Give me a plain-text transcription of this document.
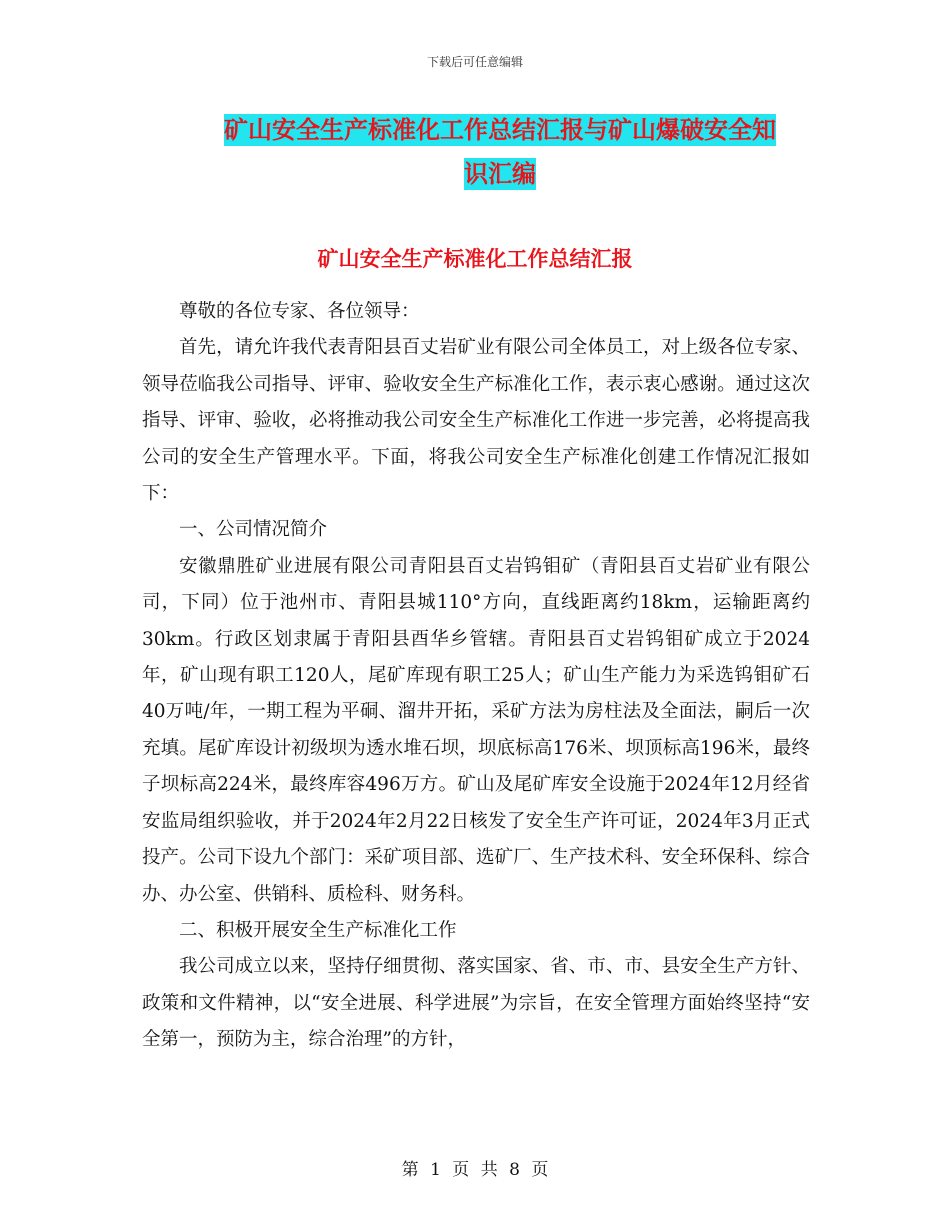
下载后可任意编辑
矿山安全生产标准化工作总结汇报与矿山爆破安全知
识汇编
矿山安全生产标准化工作总结汇报

尊敬的各位专家、各位领导：

首先，请允许我代表青阳县百丈岩矿业有限公司全体员工，对上级各位专家、领导莅临我公司指导、评审、验收安全生产标准化工作，表示衷心感谢。通过这次指导、评审、验收，必将推动我公司安全生产标准化工作进一步完善，必将提高我公司的安全生产管理水平。下面，将我公司安全生产标准化创建工作情况汇报如下：

一、公司情况简介

安徽鼎胜矿业进展有限公司青阳县百丈岩钨钼矿（青阳县百丈岩矿业有限公司，下同）位于池州市、青阳县城110°方向，直线距离约18km，运输距离约30km。行政区划隶属于青阳县酉华乡管辖。青阳县百丈岩钨钼矿成立于2024年，矿山现有职工120人，尾矿库现有职工25人；矿山生产能力为采选钨钼矿石40万吨/年，一期工程为平硐、溜井开拓，采矿方法为房柱法及全面法，嗣后一次充填。尾矿库设计初级坝为透水堆石坝，坝底标高176米、坝顶标高196米，最终子坝标高224米，最终库容496万方。矿山及尾矿库安全设施于2024年12月经省安监局组织验收，并于2024年2月22日核发了安全生产许可证，2024年3月正式投产。公司下设九个部门：采矿项目部、选矿厂、生产技术科、安全环保科、综合办、办公室、供销科、质检科、财务科。

二、积极开展安全生产标准化工作

我公司成立以来，坚持仔细贯彻、落实国家、省、市、市、县安全生产方针、政策和文件精神，以“安全进展、科学进展”为宗旨，在安全管理方面始终坚持“安全第一，预防为主，综合治理”的方针，

第 1 页 共 8 页
